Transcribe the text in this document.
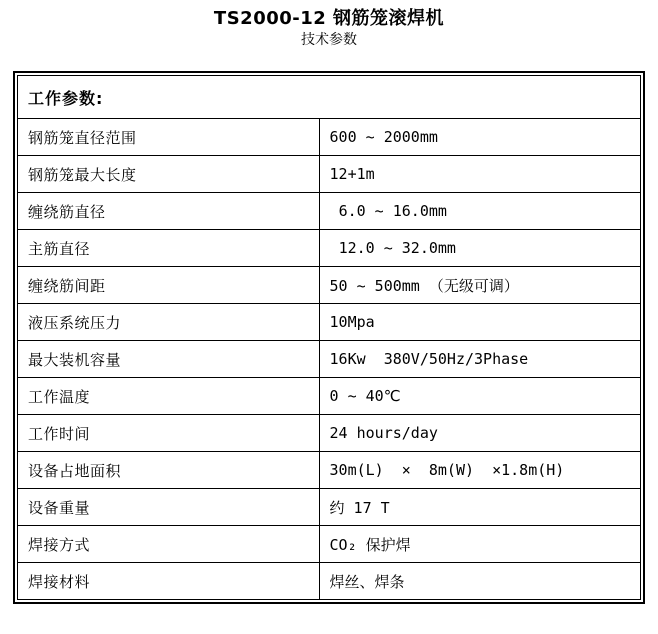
TS2000-12 钢筋笼滚焊机
技术参数
工作参数:	
钢筋笼直径范围	600 ~ 2000mm
钢筋笼最大长度	12+1m
缠绕筋直径	6.0 ~ 16.0mm
主筋直径	12.0 ~ 32.0mm
缠绕筋间距	50 ~ 500mm （无级可调）
液压系统压力	10Mpa
最大装机容量	16Kw  380V/50Hz/3Phase
工作温度	0 ~ 40℃
工作时间	24 hours/day
设备占地面积	30m(L)  ×  8m(W)  ×1.8m(H)
设备重量	约 17 T
焊接方式	CO₂ 保护焊
焊接材料	焊丝、焊条
